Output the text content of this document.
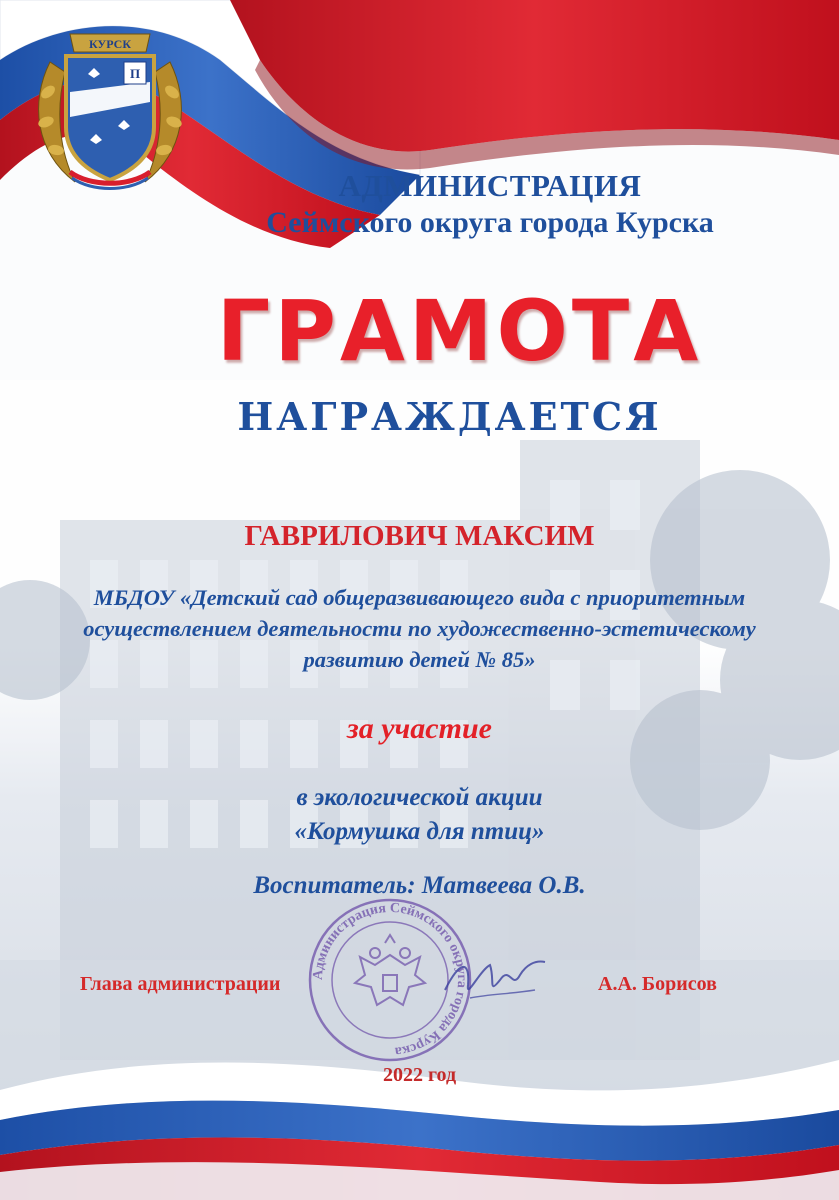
КУРСК
П

АДМИНИСТРАЦИЯ

Сеймского округа города Курска

ГРАМОТА

НАГРАЖДАЕТСЯ

ГАВРИЛОВИЧ МАКСИМ

МБДОУ «Детский сад общеразвивающего вида с приоритетным
осуществлением деятельности по художественно-эстетическому
развитию детей № 85»

за участие

в экологической акции
«Кормушка для птиц»

Воспитатель: Матвеева О.В.

Администрация Сеймского округа города Курска
Глава администрации	А.А. Борисов
2022 год
